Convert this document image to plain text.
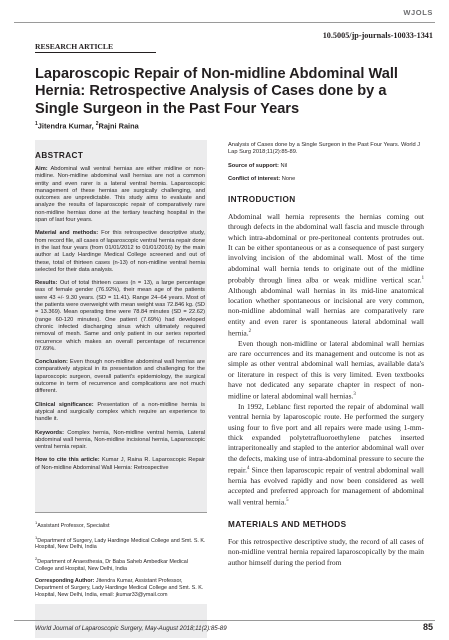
WJOLS
10.5005/jp-journals-10033-1341
RESEARCH ARTICLE
Laparoscopic Repair of Non-midline Abdominal Wall Hernia: Retrospective Analysis of Cases done by a Single Surgeon in the Past Four Years
$^1$Jitendra Kumar, $^2$Rajni Raina
ABSTRACT

Aim: Abdominal wall ventral hernias are either midline or non-midline. Non-midline abdominal wall hernias are not a common entity and even rarer is a lateral ventral hernia. Laparoscopic management of these hernias are surgically challenging, and outcomes are unpredictable. This study aims to evaluate and analyze the results of laparoscopic repair of comparatively rare non-midline hernias done at the tertiary teaching hospital in the span of last four years.

Material and methods: For this retrospective descriptive study, from record file, all cases of laparoscopic ventral hernia repair done in the last four years (from 01/01/2012 to 01/01/2016) by the main author at Lady Hardinge Medical College screened and out of these, total of thirteen cases (n-13) of non-midline ventral hernia selected for their data analysis.

Results: Out of total thirteen cases (n = 13), a large percentage was of female gender (76.92%), their mean age of the patients were 43 +/- 9.30 years. (SD = 11.41). Range 24–64 years. Most of the patients were overweight with mean weight was 72.846 kg. (SD = 13.369). Mean operating time were 78.84 minutes (SD = 22.62) (range 60-120 minutes). One patient (7.69%) had developed chronic infected discharging sinus which ultimately required removal of mesh. Same and only patient in our series reported recurrence which makes an overall percentage of recurrence 07.69%.

Conclusion: Even though non-midline abdominal wall hernias are comparatively atypical in its presentation and challenging for the laparoscopic surgeon, overall patient's epidemiology, the surgical outcome in term of recurrence and complications are not much different.

Clinical significance: Presentation of a non-midline hernia is atypical and surgically complex which require an experience to handle it.

Keywords: Complex hernia, Non-midline ventral hernia, Lateral abdominal wall hernia, Non-midline incisional hernia, Laparoscopic ventral hernia repair.

How to cite this article: Kumar J, Raina R. Laparoscopic Repair of Non-midline Abdominal Wall Hernia: Retrospective

$^1$Assistant Professor, Specialist

$^1$Department of Surgery, Lady Hardinge Medical College and Smt. S. K. Hospital, New Delhi, India

$^2$Department of Anaesthesia, Dr Baba Saheb Ambedkar Medical College and Hospital, New Delhi, India

Corresponding Author: Jitendra Kumar, Assistant Professor, Department of Surgery, Lady Hardinge Medical College and Smt. S. K. Hospital, New Delhi, India, email: jkumar33@ymail.com

Analysis of Cases done by a Single Surgeon in the Past Four Years. World J Lap Surg 2018;11(2):85-89.

Source of support: Nil

Conflict of interest: None

INTRODUCTION

Abdominal wall hernia represents the hernias coming out through defects in the abdominal wall fascia and muscle through which intra-abdominal or pre-peritoneal contents protrudes out. It can be either spontaneous or as a consequence of past surgery involving incision of the abdominal wall. Most of the time abdominal wall hernia tends to originate out of the midline probably through linea alba or weak midline vertical scar.$^1$ Although abdominal wall hernias in its mid-line anatomical location whether spontaneous or incisional are very common, non-midline abdominal wall hernias are comparatively rare entity and even rarer is spontaneous lateral abdominal wall hernia.$^2$

Even though non-midline or lateral abdominal wall hernias are rare occurrences and its management and outcome is not as simple as other ventral abdominal wall hernias, available data's or literature in respect of this is very limited. Even textbooks have not dedicated any separate chapter in respect of non-midline or lateral abdominal wall hernias.$^3$

In 1992, Leblanc first reported the repair of abdominal wall ventral hernia by laparoscopic route. He performed the surgery using four to five port and all repairs were made using 1-mm-thick expanded polytetrafluoroethylene patches inserted intraperitoneally and stapled to the anterior abdominal wall over the defects, making use of intra-abdominal pressure to secure the repair.$^4$ Since then laparoscopic repair of ventral abdominal wall hernia has evolved rapidly and now been considered as well accepted and preferred approach for management of abdominal wall ventral hernia.$^5$

MATERIALS AND METHODS

For this retrospective descriptive study, the record of all cases of non-midline ventral hernia repaired laparoscopically by the main author himself during the period from

World Journal of Laparoscopic Surgery, May-August 2018;11(2):85-89	85
